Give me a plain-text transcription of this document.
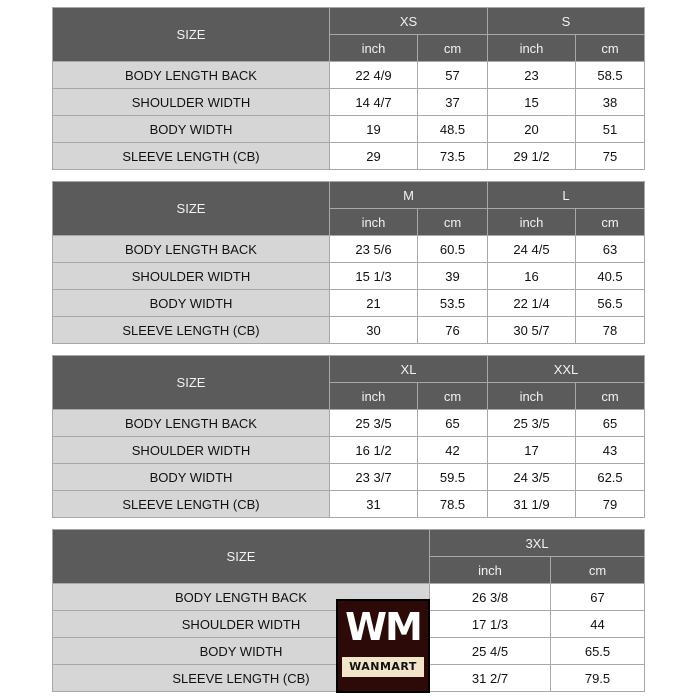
SIZE	XS		S	
	inch	cm	inch	cm
BODY LENGTH BACK	22 4/9	57	23	58.5
SHOULDER WIDTH	14 4/7	37	15	38
BODY WIDTH	19	48.5	20	51
SLEEVE LENGTH (CB)	29	73.5	29 1/2	75
SIZE	M		L	
	inch	cm	inch	cm
BODY LENGTH BACK	23 5/6	60.5	24 4/5	63
SHOULDER WIDTH	15 1/3	39	16	40.5
BODY WIDTH	21	53.5	22 1/4	56.5
SLEEVE LENGTH (CB)	30	76	30 5/7	78
SIZE	XL		XXL	
	inch	cm	inch	cm
BODY LENGTH BACK	25 3/5	65	25 3/5	65
SHOULDER WIDTH	16 1/2	42	17	43
BODY WIDTH	23 3/7	59.5	24 3/5	62.5
SLEEVE LENGTH (CB)	31	78.5	31 1/9	79
SIZE	3XL	
	inch	cm
BODY LENGTH BACK	26 3/8	67
SHOULDER WIDTH	17 1/3	44
BODY WIDTH	25 4/5	65.5
SLEEVE LENGTH (CB)	31 2/7	79.5
WM
WANMART
